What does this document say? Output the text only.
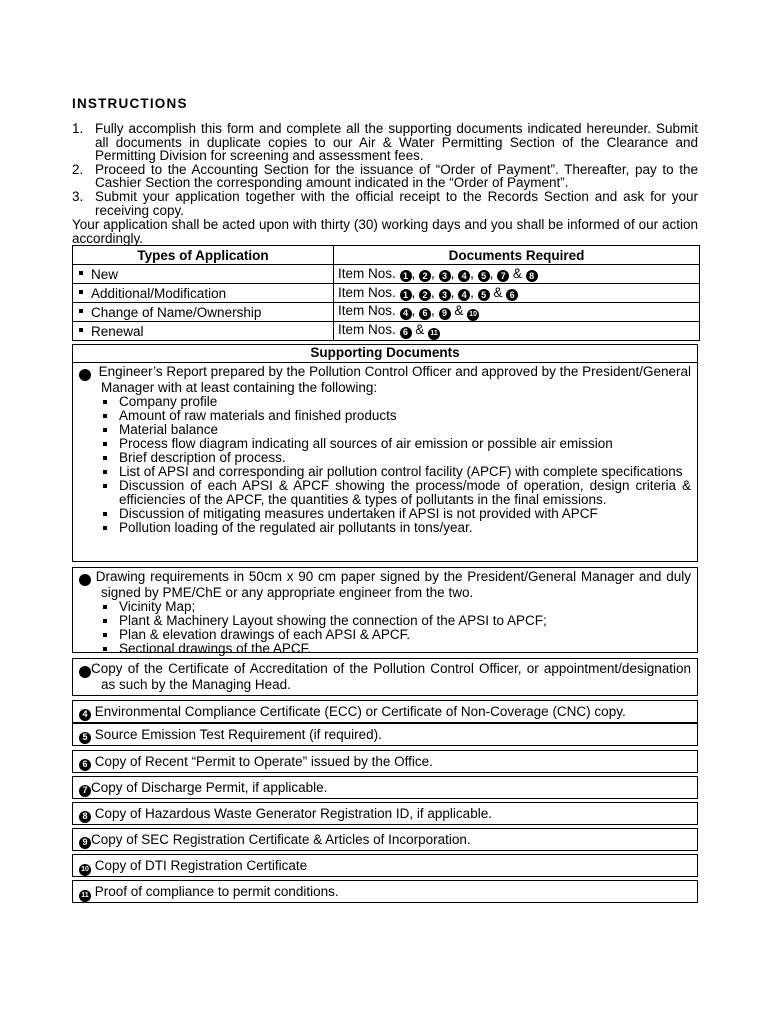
INSTRUCTIONS
1. Fully accomplish this form and complete all the supporting documents indicated hereunder. Submit all documents in duplicate copies to our Air & Water Permitting Section of the Clearance and Permitting Division for screening and assessment fees.
2. Proceed to the Accounting Section for the issuance of “Order of Payment”. Thereafter, pay to the Cashier Section the corresponding amount indicated in the “Order of Payment”.
3. Submit your application together with the official receipt to the Records Section and ask for your receiving copy.
Your application shall be acted upon with thirty (30) working days and you shall be informed of our action accordingly.
Types of Application	Documents Required
New	Item Nos. 1 , 2 , 3 , 4 , 5 , 7 & 8
Additional/Modification	Item Nos. 1 , 2 , 3 , 4 , 5 & 6
Change of Name/Ownership	Item Nos. 4 , 6 , 9 & 10
Renewal	Item Nos. 6 & 11
Supporting Documents
1 Engineer’s Report prepared by the Pollution Control Officer and approved by the President/General Manager with at least containing the following:
Company profile
Amount of raw materials and finished products
Material balance
Process flow diagram indicating all sources of air emission or possible air emission
Brief description of process.
List of APSI and corresponding air pollution control facility (APCF) with complete specifications
Discussion of each APSI & APCF showing the process/mode of operation, design criteria & efficiencies of the APCF, the quantities & types of pollutants in the final emissions.
Discussion of mitigating measures undertaken if APSI is not provided with APCF
Pollution loading of the regulated air pollutants in tons/year.
2 Drawing requirements in 50cm x 90 cm paper signed by the President/General Manager and duly signed by PME/ChE or any appropriate engineer from the two.
Vicinity Map;
Plant & Machinery Layout showing the connection of the APSI to APCF;
Plan & elevation drawings of each APSI & APCF.
Sectional drawings of the APCF.
3 Copy of the Certificate of Accreditation of the Pollution Control Officer, or appointment/designation as such by the Managing Head.
4 Environmental Compliance Certificate (ECC) or Certificate of Non-Coverage (CNC) copy.
5 Source Emission Test Requirement (if required).
6 Copy of Recent “Permit to Operate” issued by the Office.
7 Copy of Discharge Permit, if applicable.
8 Copy of Hazardous Waste Generator Registration ID, if applicable.
9 Copy of SEC Registration Certificate & Articles of Incorporation.
10 Copy of DTI Registration Certificate
11 Proof of compliance to permit conditions.
